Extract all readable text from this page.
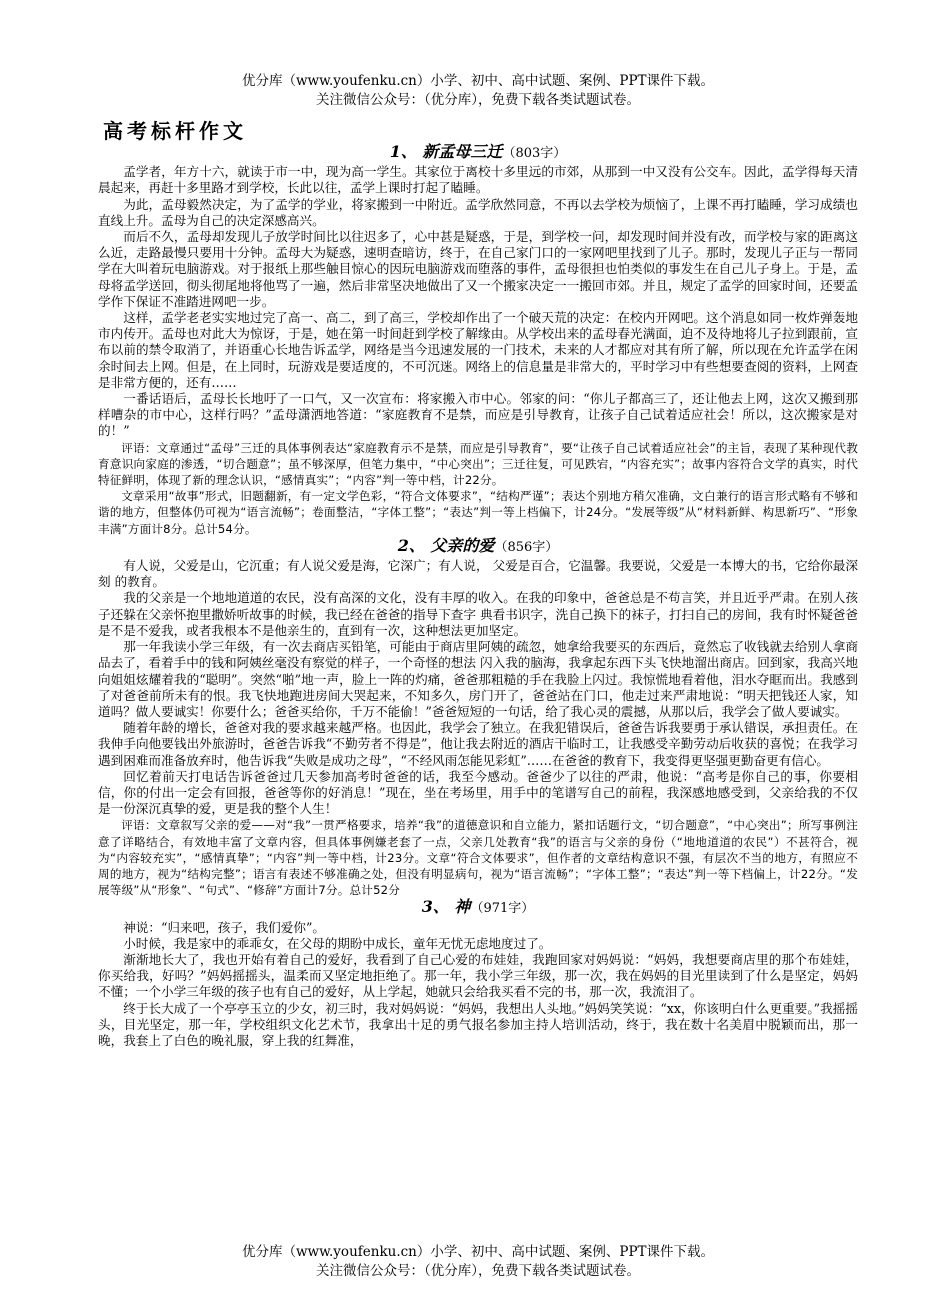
优分库（www.youfenku.cn）小学、初中、高中试题、案例、PPT课件下载。
关注微信公众号：（优分库），免费下载各类试题试卷。
高考标杆作文
1、 新孟母三迁（803字）

孟学者，年方十六，就读于市一中，现为高一学生。其家位于离校十多里远的市郊，从那到一中又没有公交车。因此，孟学得每天清晨起来，再赶十多里路才到学校，长此以往，孟学上课时打起了瞌睡。

为此，孟母毅然决定，为了孟学的学业，将家搬到一中附近。孟学欣然同意，不再以去学校为烦恼了，上课不再打瞌睡，学习成绩也直线上升。孟母为自己的决定深感高兴。

而后不久，孟母却发现儿子放学时间比以往迟多了，心中甚是疑惑，于是，到学校一问，却发现时间并没有改，而学校与家的距离这么近，走路最慢只要用十分钟。孟母大为疑惑，速明查暗访，终于，在自己家门口的一家网吧里找到了儿子。那时，发现儿子正与一帮同学在大叫着玩电脑游戏。对于报纸上那些触目惊心的因玩电脑游戏而堕落的事件，孟母很担也怕类似的事发生在自己儿子身上。于是，孟母将孟学送回，彻头彻尾地将他骂了一遍，然后非常坚决地做出了又一个搬家决定一一搬回市郊。并且，规定了孟学的回家时间，还要孟学作下保证不准踏进网吧一步。

这样，孟学老老实实地过完了高一、高二，到了高三，学校却作出了一个破天荒的决定：在校内开网吧。这个消息如同一枚炸弹轰地市内传开。孟母也对此大为惊讶，于是，她在第一时间赶到学校了解缘由。从学校出来的孟母春光满面，迫不及待地将儿子拉到跟前，宣布以前的禁令取消了，并语重心长地告诉孟学，网络是当今迅速发展的一门技术，未来的人才都应对其有所了解，所以现在允许孟学在闲余时间去上网。但是，在上同时，玩游戏是要适度的，不可沉迷。网络上的信息量是非常大的，平时学习中有些想要查阅的资料，上网查是非常方便的，还有……

一番话语后，孟母长长地吁了一口气，又一次宣布：将家搬入市中心。邻家的问：“你儿子都高三了，还让他去上网，这次又搬到那样嘈杂的市中心，这样行吗？”孟母潇洒地答道：“家庭教育不是禁，而应是引导教育，让孩子自己试着适应社会！所以，这次搬家是对的！”

评语：文章通过“孟母”三迁的具体事例表达“家庭教育示不是禁，而应是引导教育”，要“让孩子自己试着适应社会”的主旨，表现了某种现代教育意识向家庭的渗透，“切合题意”；虽不够深厚，但笔力集中，“中心突出”；三迁往复，可见跌宕，“内容充实”；故事内容符合文学的真实，时代特征鲜明，体现了新的理念认识，“感情真实”；“内容”判一等中档，计22分。

文章采用“故事”形式，旧题翻新，有一定文学色彩，“符合文体要求”，“结构严谨”；表达个别地方稍欠准确，文白兼行的语言形式略有不够和谐的地方，但整体仍可视为“语言流畅”；卷面整洁，“字体工整”；“表达”判一等上档偏下，计24分。“发展等级”从“材料新鲜、构思新巧”、“形象丰满”方面计8分。总计54分。

2、 父亲的爱（856字）

有人说，父爱是山，它沉重；有人说父爱是海，它深广；有人说， 父爱是百合，它温馨。我要说，父爱是一本博大的书，它给你最深刻 的教育。

我的父亲是一个地地道道的农民，没有高深的文化，没有丰厚的收入。在我的印象中，爸爸总是不苟言笑，并且近乎严肃。在别人孩子还躲在父亲怀抱里撒娇听故事的时候，我已经在爸爸的指导下查字 典看书识字，洗自己换下的袜子，打扫自己的房间，我有时怀疑爸爸是不是不爱我，或者我根本不是他亲生的，直到有一次，这种想法更加坚定。

那一年我读小学三年级，有一次去商店买铅笔，可能由于商店里阿姨的疏忽，她拿给我要买的东西后，竟然忘了收钱就去给别人拿商品去了，看着手中的钱和阿姨丝毫没有察觉的样子，一个奇怪的想法 闪入我的脑海，我拿起东西下头飞快地溜出商店。回到家，我高兴地向姐姐炫耀着我的“聪明”。突然“啪”地一声，脸上一阵的灼痛，爸爸那粗糙的手在我脸上闪过。我惊慌地看着他，泪水夺眶而出。我感到了对爸爸前所未有的恨。我飞快地跑进房间大哭起来，不知多久，房门开了，爸爸站在门口，他走过来严肃地说：“明天把钱还人家，知道吗？做人要诚实！你要什么；爸爸买给你，千万不能偷！”爸爸短短的一句话，给了我心灵的震撼，从那以后，我学会了做人要诚实。

随着年龄的增长，爸爸对我的要求越来越严格。也因此，我学会了独立。在我犯错误后，爸爸告诉我要勇于承认错误，承担责任。在我伸手向他要钱出外旅游时，爸爸告诉我“不勤劳者不得是”，他让我去附近的酒店干临时工，让我感受辛勤劳动后收获的喜悦；在我学习遇到困难而准备放弃时，他告诉我“失败是成功之母”，“不经风雨怎能见彩虹”……在爸爸的教育下，我变得更坚强更勤奋更有信心。

回忆着前天打电话告诉爸爸过几天参加高考时爸爸的话，我至今感动。爸爸少了以往的严肃，他说：“高考是你自己的事，你要相信，你的付出一定会有回报，爸爸等你的好消息！”现在，坐在考场里，用手中的笔谱写自己的前程，我深感地感受到，父亲给我的不仅是一份深沉真挚的爱，更是我的整个人生！

评语：文章叙写父亲的爱——对“我”一贯严格要求，培养“我”的道德意识和自立能力，紧扣话题行文，“切合题意”，“中心突出”；所写事例注意了详略结合，有效地丰富了文章内容，但具体事例嫌老套了一点，父亲几处教育“我”的语言与父亲的身份（“地地道道的农民”）不甚符合，视为“内容较充实”，“感情真挚”；“内容”判一等中档，计23分。文章“符合文体要求”，但作者的文章结构意识不强，有层次不当的地方，有照应不周的地方，视为“结构完整”；语言有表述不够准确之处，但没有明显病句，视为“语言流畅”；“字体工整”；“表达”判一等下档偏上，计22分。“发展等级”从“形象”、“句式”、“修辞”方面计7分。总计52分

3、 神（971字）

神说：“归来吧，孩子，我们爱你”。

小时候，我是家中的乖乖女，在父母的期盼中成长，童年无忧无虑地度过了。

渐渐地长大了，我也开始有着自己的爱好，我看到了自己心爱的布娃娃，我跑回家对妈妈说：“妈妈，我想要商店里的那个布娃娃，你买给我，好吗？”妈妈摇摇头，温柔而又坚定地拒绝了。那一年，我小学三年级，那一次，我在妈妈的目光里读到了什么是坚定，妈妈不懂；一个小学三年级的孩子也有自己的爱好，从上学起，她就只会给我买看不完的书，那一次，我流泪了。

终于长大成了一个亭亭玉立的少女，初三时，我对妈妈说：“妈妈，我想出人头地。”妈妈笑笑说：“xx，你该明白什么更重要。”我摇摇头，目光坚定，那一年，学校组织文化艺术节，我拿出十足的勇气报名参加主持人培训活动，终于，我在数十名美眉中脱颖而出，那一晚，我套上了白色的晚礼服，穿上我的红舞准，

优分库（www.youfenku.cn）小学、初中、高中试题、案例、PPT课件下载。
关注微信公众号：（优分库），免费下载各类试题试卷。
